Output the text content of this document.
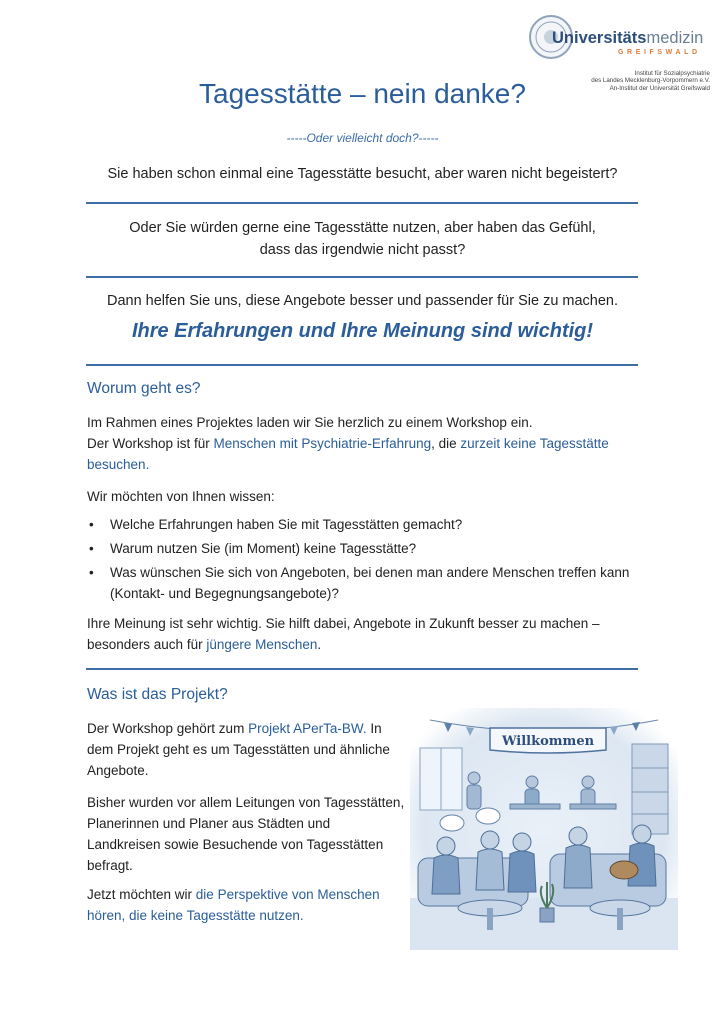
Universitätsmedizin
GREIFSWALD
Institut für Sozialpsychiatrie
des Landes Mecklenburg-Vorpommern e.V.
An-Institut der Universität Greifswald
Tagesstätte – nein danke?
-----Oder vielleicht doch?-----
Sie haben schon einmal eine Tagesstätte besucht, aber waren nicht begeistert?
Oder Sie würden gerne eine Tagesstätte nutzen, aber haben das Gefühl,
dass das irgendwie nicht passt?
Dann helfen Sie uns, diese Angebote besser und passender für Sie zu machen.
Ihre Erfahrungen und Ihre Meinung sind wichtig!
Worum geht es?
Im Rahmen eines Projektes laden wir Sie herzlich zu einem Workshop ein.
Der Workshop ist für Menschen mit Psychiatrie-Erfahrung, die zurzeit keine Tagesstätte besuchen.
Wir möchten von Ihnen wissen:
• Welche Erfahrungen haben Sie mit Tagesstätten gemacht?
• Warum nutzen Sie (im Moment) keine Tagesstätte?
• Was wünschen Sie sich von Angeboten, bei denen man andere Menschen treffen kann (Kontakt- und Begegnungsangebote)?
Ihre Meinung ist sehr wichtig. Sie hilft dabei, Angebote in Zukunft besser zu machen – besonders auch für jüngere Menschen.
Was ist das Projekt?
Der Workshop gehört zum Projekt APerTa-BW. In dem Projekt geht es um Tagesstätten und ähnliche Angebote.
Bisher wurden vor allem Leitungen von Tagesstätten, Planerinnen und Planer aus Städten und Landkreisen sowie Besuchende von Tagesstätten befragt.
Jetzt möchten wir die Perspektive von Menschen hören, die keine Tagesstätte nutzen.
Willkommen
